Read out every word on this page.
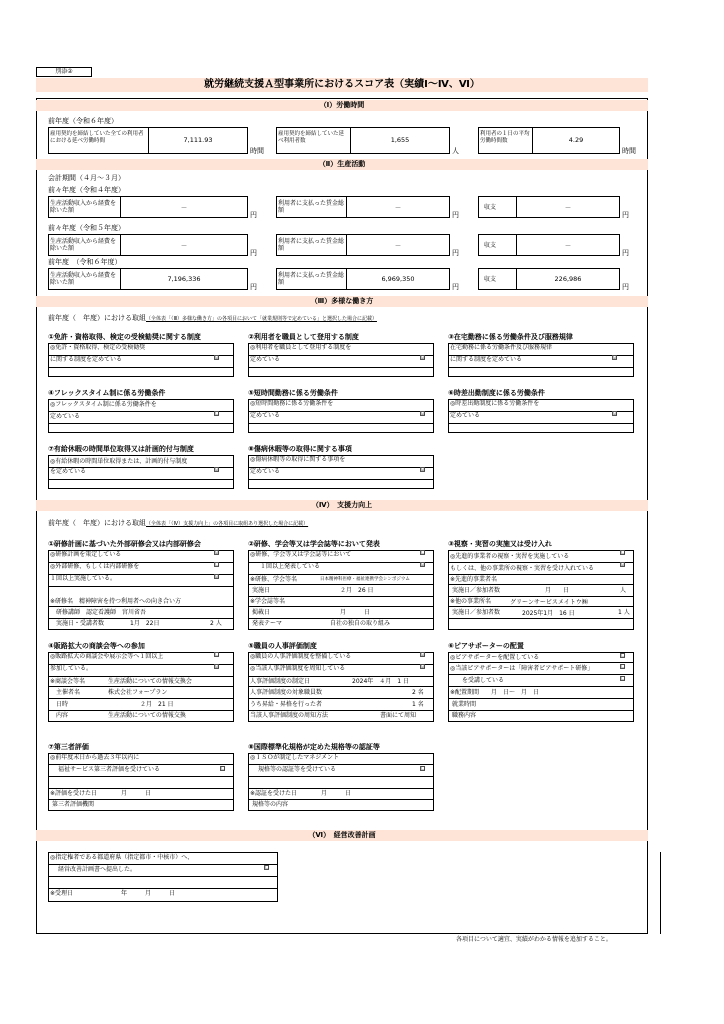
別添②
就労継続支援Ａ型事業所におけるスコア表（実績Ⅰ～Ⅳ、Ⅵ）
（Ⅰ）労働時間
前年度（令和６年度）
雇用契約を締結していた全ての利用者における延べ労働時間	7,111.93
時間
雇用契約を締結していた延べ利用者数	1,655
人
利用者の１日の平均労働時間数	4.29
時間
（Ⅱ）生産活動
会計期間（４月～３月）
前々年度（令和４年度）
生産活動収入から経費を除いた額	－
円
利用者に支払った賃金総額	－
円
収支	－
円
前々年度（令和５年度）
生産活動収入から経費を除いた額	－
円
利用者に支払った賃金総額	－
円
収支	－
円
前年度　（令和６年度）
生産活動収入から経費を除いた額	7,196,336
円
利用者に支払った賃金総額	6,969,350
円
収支	226,986
円
（Ⅲ）多様な働き方
前年度（　年度）における取組（全体表「（Ⅲ）多様な働き方」の各項目において「就業規則等で定めている」と選択した場合に記載）
①免許・資格取得、検定の受検勧奨に関する制度
◎免許・資格取得、検定の受検勧奨
に関する制度を定めている	☑
②利用者を職員として登用する制度
◎利用者を職員として登用する制度を
定めている	☑
③在宅勤務に係る労働条件及び服務規律
在宅勤務に係る労働条件及び服務規律
に関する制度を定めている	☑
④フレックスタイム制に係る労働条件
◎フレックスタイム制に係る労働条件を
定めている	☐
⑤短時間勤務に係る労働条件
◎短時間勤務に係る労働条件を
定めている	☑
⑥時差出勤制度に係る労働条件
◎時差出勤制度に係る労働条件を
定めている	☑
⑦有給休暇の時間単位取得又は計画的付与制度
◎有給休暇の時間単位取得または、計画的付与制度
を定めている	☑
⑧傷病休暇等の取得に関する事項
◎傷病休暇等の取得に関する事項を
定めている	☑
（Ⅳ）　支援力向上
前年度（　年度）における取組（全体表「（Ⅳ）支援力向上」の各項目に取組あり選択した場合に記載）
①研修計画に基づいた外部研修会又は内部研修会
◎研修計画を策定している
◎外部研修、もしくは内部研修を
１回以上実施している。
☑
☐
☑
※研修名　精神障害を持つ利用者への向き合い方
研修講師　認定看護師　宮川省吾
実施日・受講者数	1月　22日	2 人
②研修、学会等又は学会誌等において発表
◎研修、学会等又は学会誌等において
１回以上発表している
☐
☑
※研修、学会等名	日本精神科医療・福祉連携学会シンポジウム
実施日	２月　26 日
※学会誌等名
掲載日	月　　　日
発表テーマ	自社の独自の取り組み
③視察・実習の実施又は受け入れ
◎先進的事業者の視察・実習を実施している
もしくは、他の事業所の視察・実習を受け入れている
☐
☑
※先進的事業者名
実施日／参加者数	月　　日	人
※他の事業所名	グリーンサービスメイトウ㈱
実施日／参加者数	2025年1月　16 日	1 人
④販路拡大の商談会等への参加
◎販路拡大の商談会や展示会等へ１回以上
参加している。
☐
☑
※商談会等名	生産活動についての情報交換会
主催者名	株式会社フォープラン
日時	２月　21 日
内容	生産活動についての情報交換
⑤職員の人事評価制度
◎職員の人事評価制度を整備している
◎当該人事評価制度を周知している
☑
☑
人事評価制度の制定日	2024年　４月　1 日
人事評価制度の対象職員数	2 名
うち昇給・昇格を行った者	1 名
当該人事評価制度の周知方法	書面にて周知
⑥ピアサポーターの配置
◎ピアサポーターを配置している
◎当該ピアサポーターは「障害者ピアサポート研修」
を受講している
☐
☐
☐
※配置期間　　月　日～　月　日
就業時間
職務内容
⑦第三者評価
◎前年度末日から過去３年以内に
福祉サービス第三者評価を受けている	☐
※評価を受けた日　　　　月　　　日
第三者評価機関
⑧国際標準化規格が定めた規格等の認証等
◎ＩＳＯが制定したマネジメント
規格等の認証等を受けている	☐
※認証を受けた日　　　　月　　　日
規格等の内容
（Ⅵ）　経営改善計画
◎指定権者である都道府県（指定都市・中核市）へ、
経営改善計画書へ提出した。	☐
※受理日　　　　　　　　年　　　月　　　日
各項目について適宜、実績がわかる情報を追加すること。
